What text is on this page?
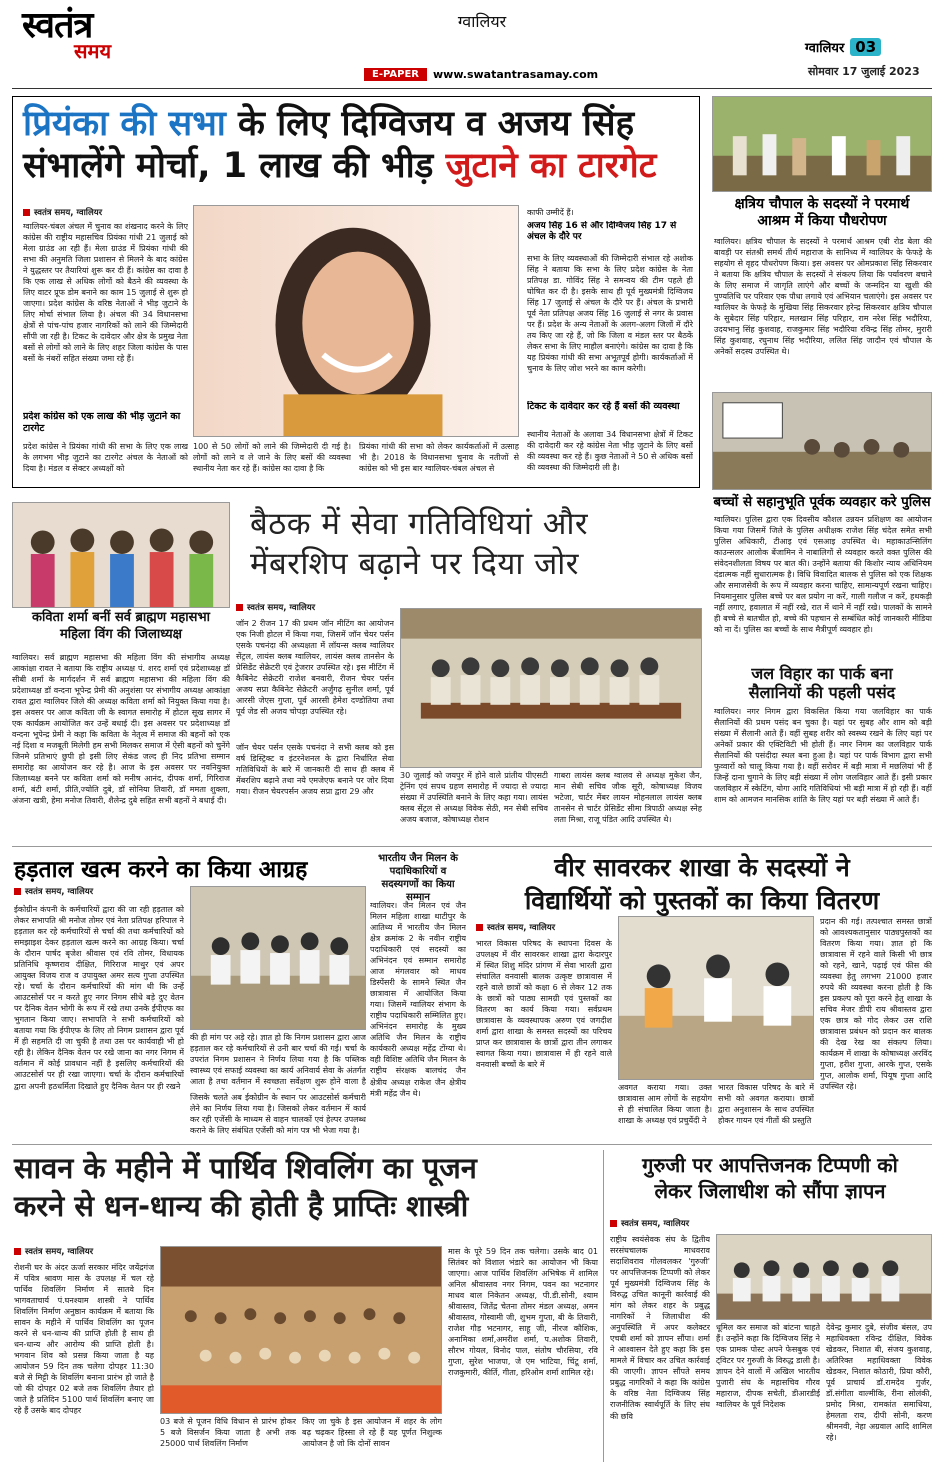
स्वतंत्र
समय
ग्वालियर
E-PAPER	www.swatantrasamay.com
ग्वालियर 03
सोमवार 17 जुलाई 2023
प्रियंका की सभा के लिए दिग्विजय व अजय सिंह
संभालेंगे मोर्चा, 1 लाख की भीड़ जुटाने का टारगेट
स्वतंत्र समय, ग्वालियर
ग्वालियर-चंबल अंचल में चुनाव का शंखनाद करने के लिए कांग्रेस की राष्ट्रीय महासचिव प्रियंका गांधी 21 जुलाई को मेला ग्राउंड आ रही हैं। मेला ग्राउंड में प्रियंका गांधी की सभा की अनुमति जिला प्रशासन से मिलने के बाद कांग्रेस ने युद्धस्तर पर तैयारियां शुरू कर दी हैं। कांग्रेस का दावा है कि एक लाख से अधिक लोगों को बैठने की व्यवस्था के लिए वाटर प्रूफ डोम बनाने का काम 15 जुलाई से शुरू हो जाएगा। प्रदेश कांग्रेस के वरिष्ठ नेताओं ने भीड़ जुटाने के लिए मोर्चा संभाल लिया है। अंचल की 34 विधानसभा क्षेत्रों से पांच-पांच हजार नागरिकों को लाने की जिम्मेदारी सौंपी जा रही है। टिकट के दावेदार और क्षेत्र के प्रमुख नेता बसों से लोगों को लाने के लिए शहर जिला कांग्रेस के पास बसों के नंबरों सहित संख्या जमा रहे हैं।
प्रदेश कांग्रेस को एक लाख की भीड़ जुटाने का टारगेट
प्रदेश कांग्रेस ने प्रियंका गांधी की सभा के लिए एक लाख के लगभग भीड़ जुटाने का टारगेट अंचल के नेताओं को दिया है। मंडल व सेक्टर अध्यक्षों को
100 से 50 लोगों को लाने की जिम्मेदारी दी गई है। लोगों को लाने व ले जाने के लिए बसों की व्यवस्था स्थानीय नेता कर रहे हैं। कांग्रेस का दावा है कि
प्रियंका गांधी की सभा को लेकर कार्यकर्ताओं में उत्साह भी है। 2018 के विधानसभा चुनाव के नतीजों से कांग्रेस को भी इस बार ग्वालियर-चंबल अंचल से
काफी उम्मीदें हैं।
अजय सिंह 16 से और दिग्विजय सिंह 17 से अंचल के दौरे पर
सभा के लिए व्यवस्थाओं की जिम्मेदारी संभाल रहे अशोक सिंह ने बताया कि सभा के लिए प्रदेश कांग्रेस के नेता प्रतिपक्ष डा. गोविंद सिंह ने समन्वय की टीम पहले ही घोषित कर दी है। इसके साथ ही पूर्व मुख्यमंत्री दिग्विजय सिंह 17 जुलाई से अंचल के दौरे पर हैं। अंचल के प्रभारी पूर्व नेता प्रतिपक्ष अजय सिंह 16 जुलाई से नगर के प्रवास पर हैं। प्रदेश के अन्य नेताओं के अलग-अलग जिलों में दौरे तय किए जा रहे हैं, जो कि जिला व मंडल स्तर पर बैठकें लेकर सभा के लिए माहौल बनाएंगे। कांग्रेस का दावा है कि यह प्रियंका गांधी की सभा अभूतपूर्व होगी। कार्यकर्ताओं में चुनाव के लिए जोश भरने का काम करेगी।
टिकट के दावेदार कर रहे हैं बसों की व्यवस्था
स्थानीय नेताओं के अलावा 34 विधानसभा क्षेत्रों में टिकट की दावेदारी कर रहे कांग्रेस नेता भीड़ जुटाने के लिए बसों की व्यवस्था कर रहे हैं। कुछ नेताओं ने 50 से अधिक बसों की व्यवस्था की जिम्मेदारी ली है।
क्षत्रिय चौपाल के सदस्यों ने परमार्थ आश्रम में किया पौधरोपण
ग्वालियर। क्षत्रिय चौपाल के सदस्यों ने परमार्थ आश्रम एबी रोड बेला की बावड़ी पर संतश्री समर्थ तीर्थ महाराज के सानिध्य में ग्वालियर के फेफड़े के सहयोग से वृहद पौधरोपण किया। इस अवसर पर ओमप्रकाश सिंह सिकरवार ने बताया कि क्षत्रिय चौपाल के सदस्यों ने संकल्प लिया कि पर्यावरण बचाने के लिए समाज में जागृति लाएंगे और बच्चों के जन्मदिन या खुशी की पुण्यतिथि पर परिवार एक पौधा लगाये एवं अभियान चलाएंगे। इस अवसर पर ग्वालियर के फेफड़े के मुखिया सिंह सिकरवार हरेन्द्र सिकरवार क्षत्रिय चौपाल के सुबेदार सिंह परिहार, मलखान सिंह परिहार, राम नरेश सिंह भदौरिया, उदयभानु सिंह कुशवाह, राजकुमार सिंह भदौरिया रविन्द्र सिंह तोमर, मुरारी सिंह कुशवाह, रघुनाथ सिंह भदौरिया, ललित सिंह जादौन एवं चौपाल के अनेकों सदस्य उपस्थित थे।
बच्चों से सहानुभूति पूर्वक व्यवहार करे पुलिस
ग्वालियर। पुलिस द्वारा एक दिवसीय कौशल उन्नयन प्रशिक्षण का आयोजन किया गया जिसमें जिले के पुलिस अधीक्षक राजेश सिंह चंदेल समेत सभी पुलिस अधिकारी, टीआइ एवं एसआइ उपस्थित थे। महाकाउन्सिलिंग काउन्सलर आलोक बेंजामिन ने नाबालिगों से व्यवहार करते वक्त पुलिस की संवेदनशीलता विषय पर बात की। उन्होंने बताया की किशोर न्याय अधिनियम दंडात्मक नहीं सुधारात्मक है। विधि विवादित बालक से पुलिस को एक शिक्षक और समाजसेवी के रूप में व्यवहार करना चाहिए, सामान्यपूर्ण रखना चाहिए। नियमानुसार पुलिस बच्चे पर बल प्रयोग ना करें, गाली गलौज न करें, हथकड़ी नहीं लगाए, हवालात में नहीं रखे, रात में थाने में नहीं रखे। पालकों के सामने ही बच्चे से बातचीत हो, बच्चे की पहचान से सम्बंधित कोई जानकारी मीडिया को ना दें। पुलिस का बच्चों के साथ मैत्रीपूर्ण व्यवहार हो।
जल विहार का पार्क बना
सैलानियों की पहली पसंद
ग्वालियर। नगर निगम द्वारा विकसित किया गया जलविहार का पार्क सैलानियों की प्रथम पसंद बन चुका है। यहां पर सुबह और शाम को बड़ी संख्या में सैलानी आते हैं। वहीं सुबह शरीर को स्वस्थ्य रखने के लिए यहां पर अनेकों प्रकार की एक्टिविटी भी होती हैं। नगर निगम का जलविहार पार्क सैलानियों की पसंदीदा स्थल बना हुआ है। यहां पर पार्क विभाग द्वारा सभी फुव्वारों को चालू किया गया है। वहीं सरोवर में बड़ी मात्रा में मछलियां भी हैं जिन्हें दाना चुगाने के लिए बड़ी संख्या में लोग जलविहार आते हैं। इसी प्रकार जलविहार में स्केटिंग, योगा आदि गतिविधियां भी बड़ी मात्रा में हो रही हैं। वहीं शाम को आमजन मानसिक शांति के लिए यहां पर बड़ी संख्या में आते हैं।
कविता शर्मा बनीं सर्व ब्राह्मण महासभा
महिला विंग की जिलाध्यक्ष
ग्वालियर। सर्व ब्राह्मण महासभा की महिला विंग की संभागीय अध्यक्ष आकांक्षा रावत ने बताया कि राष्ट्रीय अध्यक्ष पं. शरद शर्मा एवं प्रदेशाध्यक्ष डॉ सीबी शर्मा के मार्गदर्शन में सर्व ब्राह्मण महासभा की महिला विंग की प्रदेशाध्यक्ष डॉ वन्दना भूपेन्द्र प्रेमी की अनुशंसा पर संभागीय अध्यक्ष आकांक्षा रावत द्वारा ग्वालियर जिले की अध्यक्ष कविता शर्मा को नियुक्त किया गया है। इस अवसर पर आज कविता जी के स्वागत समारोह में होटल सूख सागर में एक कार्यक्रम आयोजित कर उन्हें बधाई दी। इस अवसर पर प्रदेशाध्यक्ष डॉ वन्दना भूपेन्द्र प्रेमी ने कहा कि कविता के नेतृत्व में समाज की बहनों को एक नई दिशा व मजबूती मिलेगी हम सभी मिलकर समाज में ऐसी बहनों को चुनेंगे जिनमे प्रतिभाएं छुपी हो इसी लिए सेकंड जल्द ही निद प्रतिभा सम्मान समारोह का आयोजन कर रहे है। आज के इस अवसर पर नवनियुक्त जिलाध्यक्ष बनने पर कविता शर्मा को मनीष आनंद, दीपक शर्मा, गिरिराज शर्मा, बंटी शर्मा, प्रीति,ज्योति दुबे, डॉ सोनिया तिवारी, डॉ ममता शुक्ला, अंजना खत्री, हेमा मनोज तिवारी, शैलेन्द्र दुबे सहित सभी बहनों ने बधाई दी।
बैठक में सेवा गतिविधियां और
मेंबरशिप बढ़ाने पर दिया जोर
स्वतंत्र समय, ग्वालियर
जॉन 2 रीजन 17 की प्रथम जॉन मीटिंग का आयोजन एक निजी होटल में किया गया, जिसमें जॉन चेयर पर्सन एसके पचनंदा की अध्यक्षता में लॉयन्स क्लब ग्वालियर सेंट्रल, लायंस क्लब ग्वालियर, लायंस क्लब तानसेन के प्रेसिडेंट सेक्रेटरी एवं ट्रेजरार उपस्थित रहे। इस मीटिंग में कैबिनेट सेक्रेटरी राजेश बनवारी, रीजन चेयर पर्सन अजय सप्रा कैबिनेट सेक्रेटरी अर्जुंगढ़ सुनील शर्मा, पूर्व आरसी जेएस गुप्ता, पूर्व आरसी हेमेश दण्डोतिया तथा पूर्व जेड सी अजय चोपड़ा उपस्थित रहे।
जॉन चेयर पर्सन एसके पचनंदा ने सभी क्लब को इस वर्ष डिस्ट्रिक्ट व इंटरनेशनल के द्वारा निर्धारित सेवा गतिविधियों के बारे में जानकारी दी साथ ही क्लब में मेंबरशिप बढ़ाने तथा नये एमजेएफ बनाने पर जोर दिया गया। रीजन चेयरपर्सन अजय सप्रा द्वारा 29 और
30 जुलाई को जयपुर में होने वाले प्रांतीय पीएसटी ट्रेनिंग एवं सपथ ग्रहण समारोह में ज्यादा से ज्यादा संख्या में उपस्थिति बनाने के लिए कहा गया। लायंस क्लब सेंट्रल से अध्यक्ष विवेक सेठी, मन सेबी सचिव अजय बजाज, कोषाध्यक्ष रोशन
गाबरा लायंस क्लब ग्वालव से अध्यक्ष मुकेश जैन, मान सेबी सचिव जौक सूरी, कोषाध्यक्ष विजय भटेजा, चार्टर मेंबर लायन मोहनलाल लायंस क्लब तानसेन से चार्टर प्रेसिडेंट सीमा त्रिपाठी अध्यक्ष स्नेह लता मिश्रा, राजू पंडित आदि उपस्थित थे।
हड़ताल खत्म करने का किया आग्रह
स्वतंत्र समय, ग्वालियर
ईकोग्रीन कंपनी के कर्मचारियों द्वारा की जा रही हड़ताल को लेकर सभापति श्री मनोज तोमर एवं नेता प्रतिपक्ष हरिपाल ने हड़ताल कर रहे कर्मचारियों से चर्चा की तथा कर्मचारियों को समझाइश देकर हड़ताल खत्म करने का आग्रह किया। चर्चा के दौरान पार्षद बृजेश श्रीवास एवं रवि तोमर, विधायक प्रतिनिधि कृष्णराव दीक्षित, गिरिराज माथुर एवं अपर आयुक्त विजय राज व उपायुक्त अमर सत्य गुप्ता उपस्थित रहे। चर्चा के दौरान कर्मचारियों की मांग थी कि उन्हें आउटसोर्स पर न करते हुए नगर निगम सीधे बड़े दुए वेतन पर दैनिक वेतन भोगी के रूप में रखे तथा उनके ईपीएफ का भुगतान किया जाए। सभापति ने सभी कर्मचारियों को बताया गया कि ईपीएफ के लिए तो निगम प्रशासन द्वारा पूर्व में ही सहमति दी जा चुकी है तथा उस पर कार्यवाही भी हो रही है। लेकिन दैनिक वेतन पर रखे जाना का नगर निगम में वर्तमान में कोई प्रावधान नहीं है इसलिए कर्मचारियों की आउटसोर्स पर ही रखा जाएगा। चर्चा के दौरान कर्मचारियों द्वारा अपनी हठधर्मिता दिखाते हुए दैनिक वेतन पर ही रखने
की ही मांग पर अड़े रहे। ज्ञात हो कि निगम प्रशासन द्वारा आज हड़ताल कर रहे कर्मचारियों से उनी बार चर्चा की गई। चर्चा के उपरांत निगम प्रशासन ने निर्णय लिया गया है कि पब्लिक स्वास्थ्य एवं सफाई व्यवस्था का कार्य अनिवार्य सेवा के अंतर्गत आता है तथा वर्तमान में स्वच्छता सर्वेक्षण शुरू होने वाला है
जिसके चलते अब ईकोग्रीन के स्थान पर आउटसोर्स कर्मचारी लेने का निर्णय लिया गया है। जिसको लेकर वर्तमान में कार्य कर रही एजेंसी के माध्यम से वाहन चालकों एवं हेल्पर उपलब्ध कराने के लिए संबंधित एजेंसी को मांग पत्र भी भेजा गया है।
भारतीय जैन मिलन के पदाधिकारियों व सदस्यगणों का किया सम्मान
ग्वालियर। जैन मिलन एवं जैन मिलन महिला शाखा थाटीपुर के आतिथ्य में भारतीय जैन मिलन क्षेत्र क्रमांक 2 के नवीन राष्ट्रीय पदाधिकारी एवं सदस्यों का अभिनंदन एवं सम्मान समारोह आज मंगलवार को माधव डिस्पेंसरी के सामने स्थित जैन छात्रावास में आयोजित किया गया। जिसमें ग्वालियर संभाग के राष्ट्रीय पदाधिकारी सम्मिलित हुए। अभिनंदन समारोह के मुख्य अतिथि जैन मिलन के राष्ट्रीय कार्यकारी अध्यक्ष महेंद्र टोंग्या थे। वही विशिष्ट अतिथि जैन मिलन के राष्ट्रीय संरक्षक बालचंद जैन क्षेत्रीय अध्यक्ष राकेश जैन क्षेत्रीय मंत्री महेंद्र जैन थे।
वीर सावरकर शाखा के सदस्यों ने
विद्यार्थियों को पुस्तकों का किया वितरण
स्वतंत्र समय, ग्वालियर
भारत विकास परिषद के स्थापना दिवस के उपलक्ष्य में वीर सावरकर शाखा द्वारा केदारपुर में स्थित शिशु मंदिर प्रांगण में सेवा भारती द्वारा संचालित वनवासी बालक उत्कृष्ट छात्रावास में रहने वाले छात्रों को कक्षा 6 से लेकर 12 तक के छात्रों को पाठ्य सामग्री एवं पुस्तकों का वितरण का कार्य किया गया। सर्वप्रथम छात्रावास के व्यवस्थापक अरुण एवं जगदीश शर्मा द्वारा शाखा के समस्त सदस्यों का परिचय प्राप्त कर छात्रावास के छात्रों द्वारा तीन लगाकर स्वागत किया गया। छात्रावास में ही रहने वाले वनवासी बच्चों के बारे में
अवगत कराया गया। उक्त छात्रावास आम लोगों के सहयोग से ही संचालित किया जाता है। शाखा के अध्यक्ष एवं प्रचुर्येदी ने
भारत विकास परिषद के बारे में सभी को अवगत कराया। छात्रों द्वारा अनुशासन के साथ उपस्थित होकर गायन एवं गीतों की प्रस्तुति
प्रदान की गई। तत्पश्चात समस्त छात्रों को आवश्यकतानुसार पाठ्यपुस्तकों का वितरण किया गया। ज्ञात हो कि छात्रावास में रहने वाले किसी भी छात्र को रहने, खाने, पढ़ाई एवं फीस की व्यवस्था हेतु लगभग 21000 हजार रुपये की व्यवस्था करना होती है कि इस प्रकल्प को पूरा करने हेतु शाखा के सचिव मेजर डीपी राय श्रीवास्तव द्वारा एक छात्र को गोद लेकर उस राशि छात्रावास प्रबंधन को प्रदान कर बालक की देख रेख का संकल्प लिया। कार्यक्रम में शाखा के कोषाध्यक्ष अरविंद गुप्ता, हरीश गुप्ता, आरके गुप्त, एसके गुप्त, आलोक शर्मा, पियूष गुप्ता आदि उपस्थित रहे।
सावन के महीने में पार्थिव शिवलिंग का पूजन
करने से धन-धान्य की होती है प्राप्तिः शास्त्री
स्वतंत्र समय, ग्वालियर
रोशनी घर के अंदर ऊर्जा सरकार मंदिर जयेंद्रगंज में पवित्र श्रावण मास के उपलक्ष में चल रहे पार्थिव शिवलिंग निर्माण में सातवे दिन भागवताचार्य पं.घनश्याम शास्त्री ने पार्थिव शिवलिंग निर्माण अनुष्ठान कार्यक्रम में बताया कि सावन के महीने में पार्थिव शिवलिंग का पूजन करने से धन-धान्य की प्राप्ति होती है साथ ही धन-धान्य और आरोग्य की प्राप्ति होती है। भगवान शिव को प्रसन्न किया जाता है यह आयोजन 59 दिन तक चलेगा दोपहर 11:30 बजे से मिट्टी के शिवलिंग बनाना प्रारंभ हो जाते है जो की दोपहर 02 बजे तक शिवलिंग तैयार हो जाते है प्रतिदिन 5100 पार्थ शिवलिंग बनाए जा रहे हैं उसके बाद दोपहर
03 बजे से पूजन विधि विधान से प्रारंभ होकर 5 बजे विसर्जन किया जाता है अभी तक 25000 पार्थ शिवलिंग निर्माण
किए जा चुके है इस आयोजन में शहर के लोग बढ़ चढ़कर हिस्सा ले रहे हैं यह पूर्णत निशुल्क आयोजन है जो कि दोनों सावन
मास के पूरे 59 दिन तक चलेगा। उसके बाद 01 सितंबर को विशाल भंडारे का आयोजन भी किया जाएगा। आज पार्थिव शिवलिंग अभिषेक में शामिल अनिल श्रीवास्तव नगर निगम, पवन का भटनागर माधव बाल निकेतन अध्यक्ष, पी.डी.सोनी, श्याम श्रीवास्तव, जितेंद्र चेतना तोमर मंडल अध्यक्ष, अमन श्रीवास्तव, गोस्वामी जी, शुभम गुप्ता, बी के तिवारी, राजेश गौड़ भटनागर, साहू जी, नीरज कौशिक, अनामिका शर्मा,अमरीश शर्मा, प.अशोक तिवारी, सौरभ गोयल, विनोद पाल, संतोष चौरसिया, रवि गुप्ता, सुरेश भाजपा, जे एम भाटिया, चिंटू शर्मा, राजकुमारी, कीर्ति, गीता, हरिओम शर्मा शामिल रहे।
गुरुजी पर आपत्तिजनक टिप्पणी को
लेकर जिलाधीश को सौंपा ज्ञापन
स्वतंत्र समय, ग्वालियर
राष्ट्रीय स्वयंसेवक संघ के द्वितीय सरसंघचालक माधवराव सदाशिवराव गोलवलकर 'गुरुजी' पर आपत्तिजनक टिप्पणी को लेकर पूर्व मुख्यमंत्री दिग्विजय सिंह के विरुद्ध उचित कानूनी कार्रवाई की मांग को लेकर शहर के प्रबुद्ध नागरिकों ने जिलाधीश की अनुपस्थिति में अपर कलेक्टर एचबी शर्मा को ज्ञापन सौंपा। शर्मा ने आश्वासन देते हुए कहा कि इस मामले में विचार कर उचित कार्रवाई की जाएगी। ज्ञापन सौंपते समय प्रबुद्ध नागरिकों ने कहा कि कांग्रेस के वरिष्ठ नेता दिग्विजय सिंह राजनीतिक स्वार्थपूर्ति के लिए संघ की छवि
धूमिल कर समाज को बांटना चाहते हैं। उन्होंने कहा कि दिग्विजय सिंह ने एक प्रामक पोस्ट अपने फेसबुक एवं ट्विटर पर गुरुजी के विरुद्ध डाली है। ज्ञापन देने वालों में अखिल भारतीय पुजारी संघ के महासचिव गौरव महाराज, दीपक सचेती, डीआरडीई ग्वालियर के पूर्व निदेशक
देवेन्द्र कुमार दुबे, संजीव बंसल, उप महाधिवक्ता रविन्द्र दीक्षित, विवेक खेडकर, निशात बी, संजय कुशवाह, अतिरिक्त महाधिवक्ता विवेक खेडकर, निशात कोठारी, प्रिया कौरी, पूर्व प्राचार्य डॉ.रामदेव गुर्जर, डॉ.संगीता वाल्मीकि, रीना सोलंकी, प्रमोद मिश्रा, रामकांत समाधिया, हेमलता राय, दीपी सोनी, करण श्रीमनवी, नेहा अग्रवाल आदि शामिल रहे।
